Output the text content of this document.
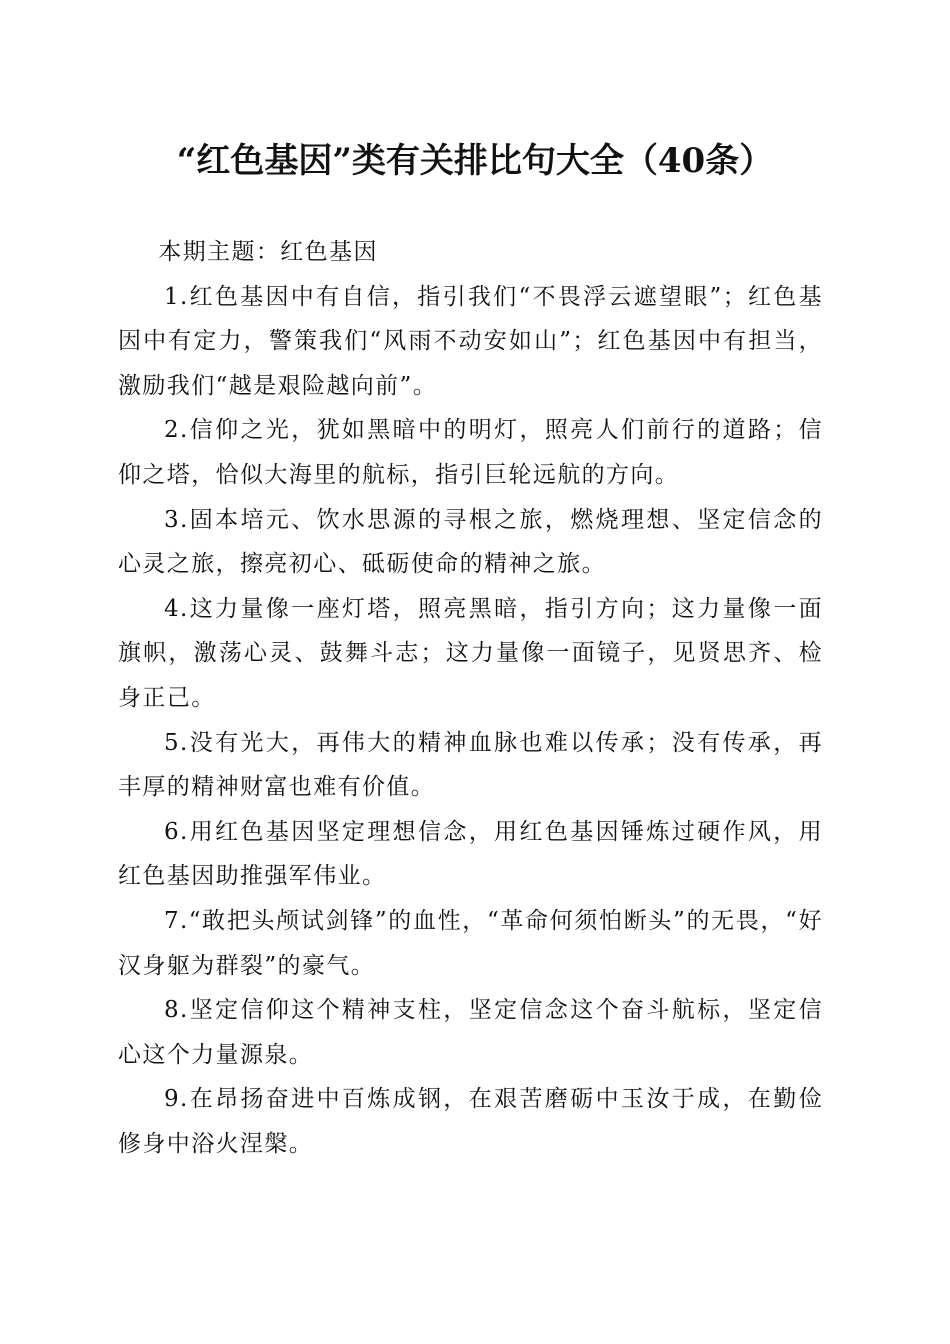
“红色基因”类有关排比句大全（40条）

本期主题：红色基因

1.红色基因中有自信，指引我们“不畏浮云遮望眼”；红色基因中有定力，警策我们“风雨不动安如山”；红色基因中有担当，激励我们“越是艰险越向前”。

2.信仰之光，犹如黑暗中的明灯，照亮人们前行的道路；信仰之塔，恰似大海里的航标，指引巨轮远航的方向。

3.固本培元、饮水思源的寻根之旅，燃烧理想、坚定信念的心灵之旅，擦亮初心、砥砺使命的精神之旅。

4.这力量像一座灯塔，照亮黑暗，指引方向；这力量像一面旗帜，激荡心灵、鼓舞斗志；这力量像一面镜子，见贤思齐、检身正己。

5.没有光大，再伟大的精神血脉也难以传承；没有传承，再丰厚的精神财富也难有价值。

6.用红色基因坚定理想信念，用红色基因锤炼过硬作风，用红色基因助推强军伟业。

7.“敢把头颅试剑锋”的血性，“革命何须怕断头”的无畏，“好汉身躯为群裂”的豪气。

8.坚定信仰这个精神支柱，坚定信念这个奋斗航标，坚定信心这个力量源泉。

9.在昂扬奋进中百炼成钢，在艰苦磨砺中玉汝于成，在勤俭修身中浴火涅槃。
